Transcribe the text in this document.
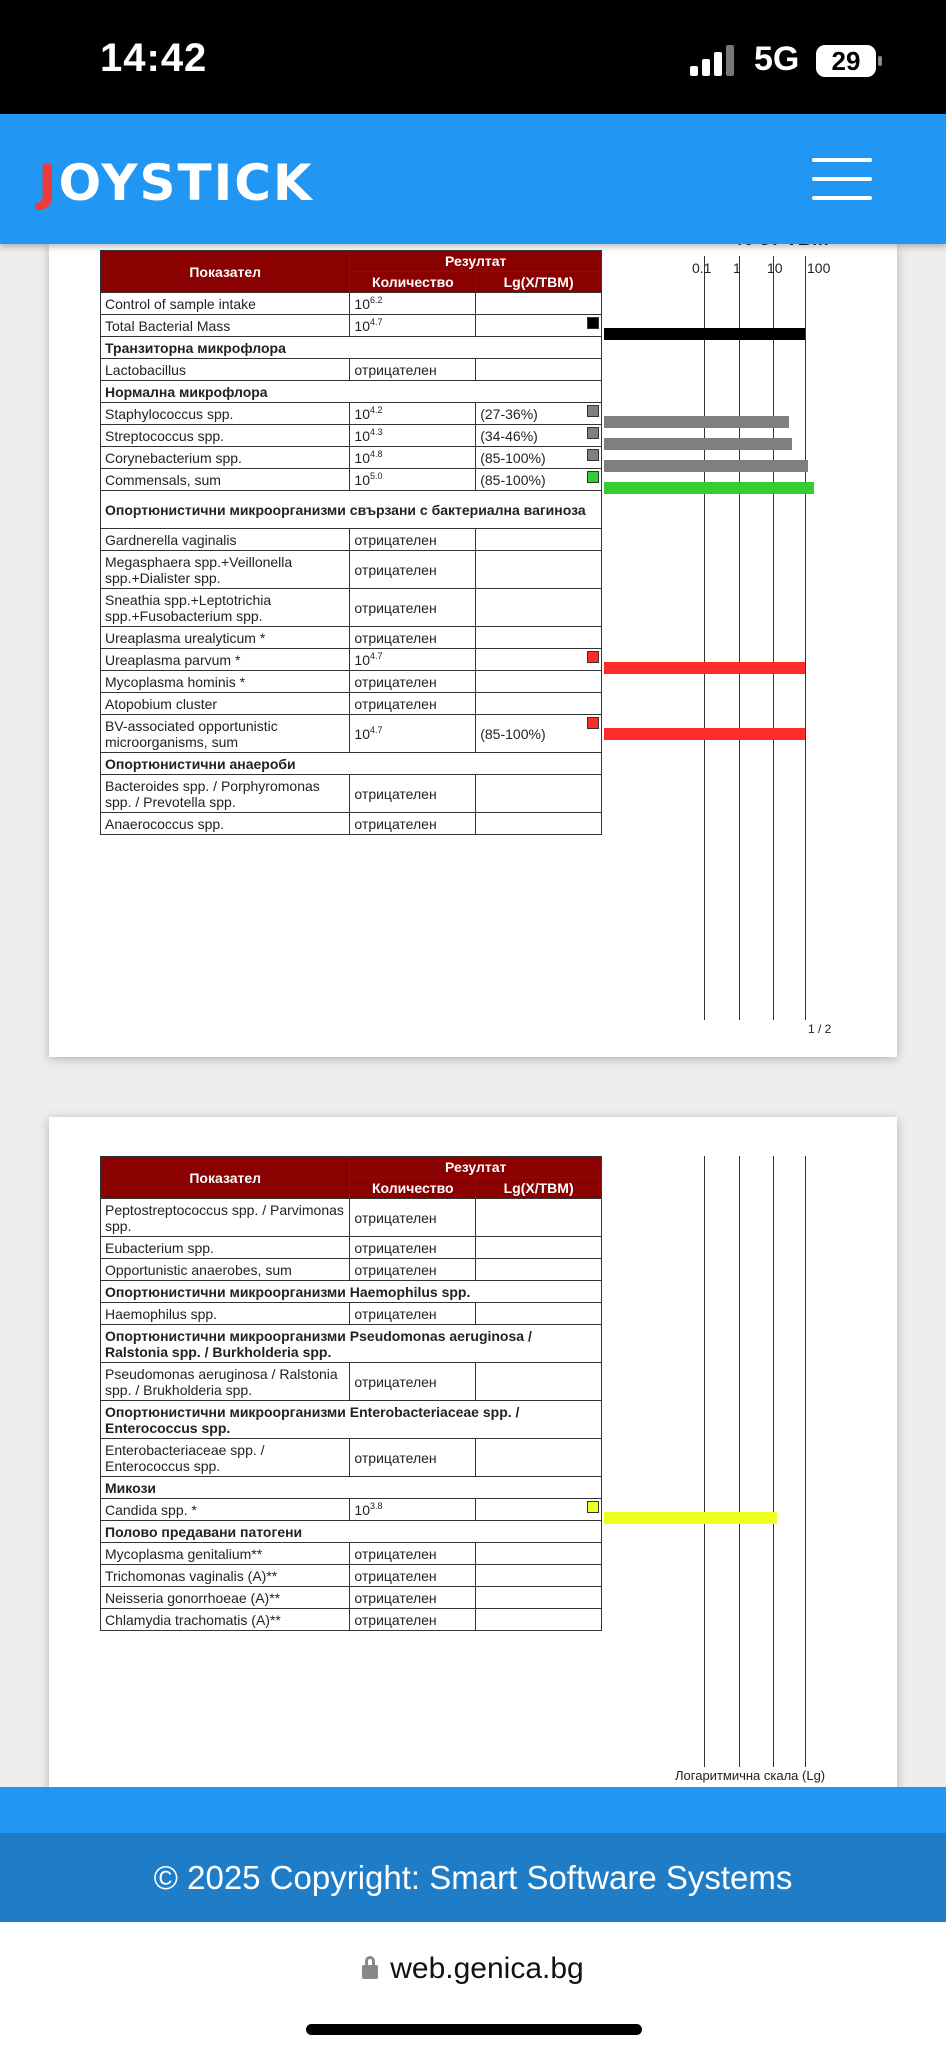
14:42	5G	29
JOYSTICK
Показател	Резултат	
	Количество	Lg(X/TBM)
Control of sample intake	$10^{6.2}$	
Total Bacterial Mass	$10^{4.7}$	

Транзиторна микрофлора		
Lactobacillus	отрицателен	
Нормална микрофлора		
Staphylococcus spp.	$10^{4.2}$	(27-36%)

Streptococcus spp.	$10^{4.3}$	(34-46%)

Corynebacterium spp.	$10^{4.8}$	(85-100%)

Commensals, sum	$10^{5.0}$	(85-100%)

Опортюнистични микроорганизми свързани с бактериална вагиноза		
Gardnerella vaginalis	отрицателен	
Megasphaera spp.+Veillonella spp.+Dialister spp.	отрицателен	
Sneathia spp.+Leptotrichia spp.+Fusobacterium spp.	отрицателен	
Ureaplasma urealyticum *	отрицателен	
Ureaplasma parvum *	$10^{4.7}$	

Mycoplasma hominis *	отрицателен	
Atopobium cluster	отрицателен	
BV-associated opportunistic microorganisms, sum	$10^{4.7}$	(85-100%)

Опортюнистични анаероби		
Bacteroides spp. / Porphyromonas spp. / Prevotella spp.	отрицателен	
Anaerococcus spp.	отрицателен	
1 / 2
0.1 1 10 100
Показател	Резултат	
	Количество	Lg(X/TBM)
Peptostreptococcus spp. / Parvimonas spp.	отрицателен	
Eubacterium spp.	отрицателен	
Opportunistic anaerobes, sum	отрицателен	
Опортюнистични микроорганизми Haemophilus spp.		
Haemophilus spp.	отрицателен	
Опортюнистични микроорганизми Pseudomonas aeruginosa / Ralstonia spp. / Burkholderia spp.		
Pseudomonas aeruginosa / Ralstonia spp. / Brukholderia spp.	отрицателен	
Опортюнистични микроорганизми Enterobacteriaceae spp. / Enterococcus spp.		
Enterobacteriaceae spp. / Enterococcus spp.	отрицателен	
Микози		
Candida spp. *	$10^{3.8}$	

Полово предавани патогени		
Mycoplasma genitalium**	отрицателен	
Trichomonas vaginalis (A)**	отрицателен	
Neisseria gonorrhoeae (A)**	отрицателен	
Chlamydia trachomatis (A)**	отрицателен	
Логаритмична скала (Lg)
© 2025 Copyright: Smart Software Systems
web.genica.bg
